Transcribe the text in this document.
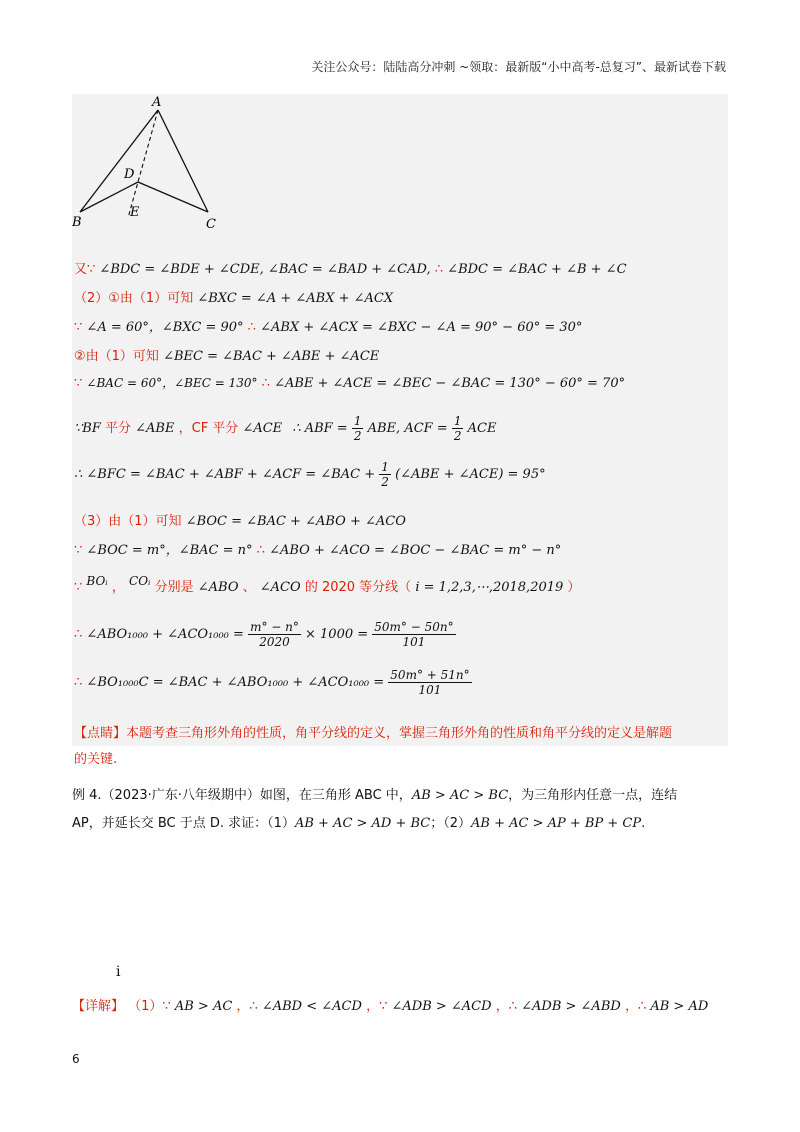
关注公众号：陆陆高分冲刺 ~领取：最新版“小中高考-总复习”、最新试卷下载
A
B	C
D
E
又∵ ∠BDC = ∠BDE + ∠CDE, ∠BAC = ∠BAD + ∠CAD, ∴ ∠BDC = ∠BAC + ∠B + ∠C
（2）①由（1）可知 ∠BXC = ∠A + ∠ABX + ∠ACX
∵ ∠A = 60°，∠BXC = 90° ∴ ∠ABX + ∠ACX = ∠BXC − ∠A = 90° − 60° = 30°
②由（1）可知 ∠BEC = ∠BAC + ∠ABE + ∠ACE
∵ ∠BAC = 60°，∠BEC = 130° ∴ ∠ABE + ∠ACE = ∠BEC − ∠BAC = 130° − 60° = 70°
∵BF 平分 ∠ABE ，CF 平分 ∠ACE ∴ ABF = $\frac{1}{2}$ ABE, ACF = $\frac{1}{2}$ ACE
∴ ∠BFC = ∠BAC + ∠ABF + ∠ACF = ∠BAC + $\frac{1}{2}$ (∠ABE + ∠ACE) = 95°
（3）由（1）可知 ∠BOC = ∠BAC + ∠ABO + ∠ACO
∵ ∠BOC = m°，∠BAC = n° ∴ ∠ABO + ∠ACO = ∠BOC − ∠BAC = m° − n°
∵ BOᵢ ， COᵢ 分别是 ∠ABO 、 ∠ACO 的 2020 等分线（ i = 1,2,3,⋯,2018,2019 ）
∴ ∠ABO₁₀₀₀ + ∠ACO₁₀₀₀ = $\frac{m^\circ - n^\circ}{2020} \times 1000 = \frac{50m^\circ - 50n^\circ}{101}$
∴ ∠BO₁₀₀₀C = ∠BAC + ∠ABO₁₀₀₀ + ∠ACO₁₀₀₀ = $\frac{50m^\circ + 51n^\circ}{101}$
【点睛】本题考查三角形外角的性质，角平分线的定义，掌握三角形外角的性质和角平分线的定义是解题
的关键.
例 4.（2023·广东·八年级期中）如图，在三角形 ABC 中，AB > AC > BC，为三角形内任意一点，连结
AP，并延长交 BC 于点 D. 求证：（1）AB + AC > AD + BC；（2）AB + AC > AP + BP + CP.
ⅰ
【详解】 （1）∵ AB > AC ，∴ ∠ABD < ∠ACD ，∵ ∠ADB > ∠ACD ，∴ ∠ADB > ∠ABD ，∴ AB > AD
6
